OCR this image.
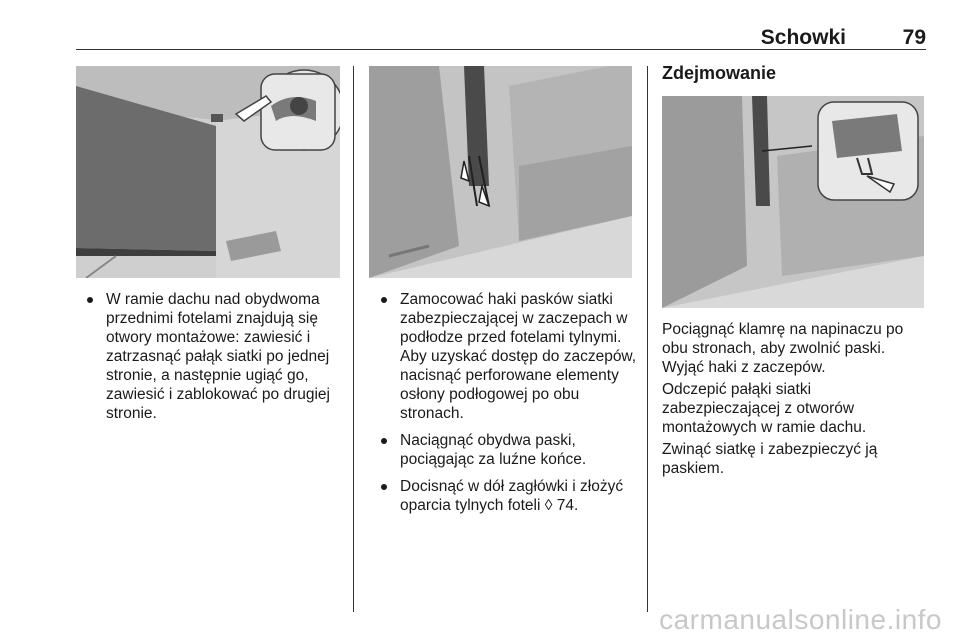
Schowki	79
W ramie dachu nad obydwoma przednimi fotelami znajdują się otwory montażowe: zawiesić i zatrzasnąć pałąk siatki po jednej stronie, a następnie ugiąć go, zawiesić i zablokować po drugiej stronie.
Zamocować haki pasków siatki zabezpieczającej w zaczepach w podłodze przed fotelami tylnymi. Aby uzyskać dostęp do zaczepów, nacisnąć perforowane elementy osłony podłogowej po obu stronach.
Naciągnąć obydwa paski, pociągając za luźne końce.
Docisnąć w dół zagłówki i złożyć oparcia tylnych foteli ◊ 74.
Zdejmowanie

Pociągnąć klamrę na napinaczu po obu stronach, aby zwolnić paski. Wyjąć haki z zaczepów.

Odczepić pałąki siatki zabezpieczającej z otworów montażowych w ramie dachu.

Zwinąć siatkę i zabezpieczyć ją paskiem.

carmanualsonline.info
